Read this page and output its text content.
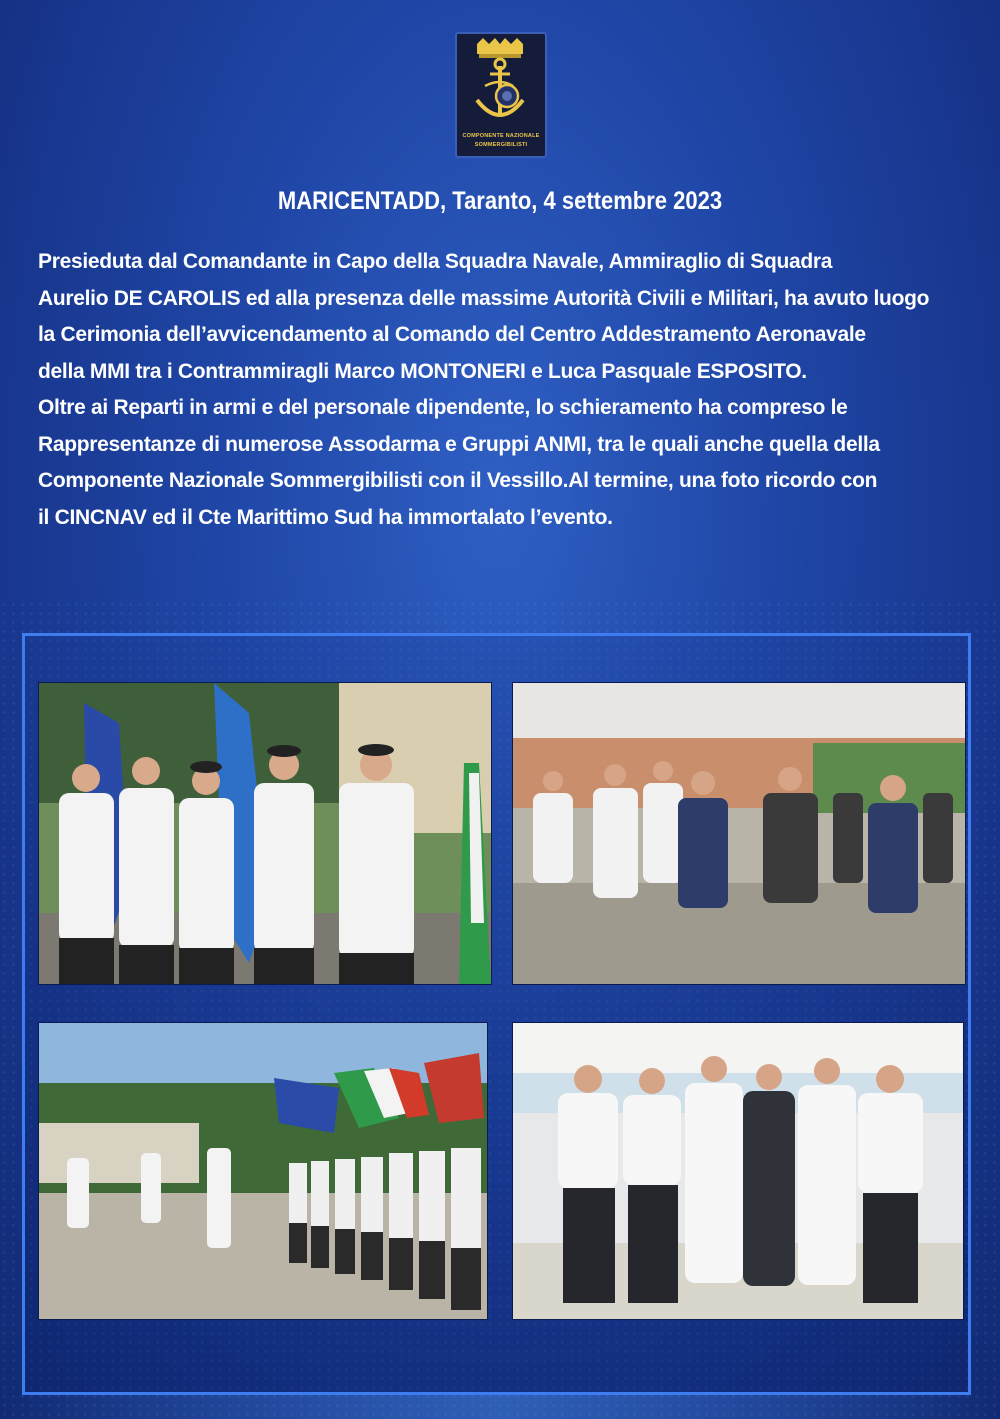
COMPONENTE NAZIONALE
SOMMERGIBILISTI
MARICENTADD, Taranto, 4 settembre 2023
Presieduta dal Comandante in Capo della Squadra Navale, Ammiraglio di Squadra
Aurelio DE CAROLIS ed alla presenza delle massime Autorità Civili e Militari, ha avuto luogo
la Cerimonia dell’avvicendamento al Comando del Centro Addestramento Aeronavale
della MMI tra i Contrammiragli Marco MONTONERI e Luca Pasquale ESPOSITO.
Oltre ai Reparti in armi e del personale dipendente, lo schieramento ha compreso le
Rappresentanze di numerose Assodarma e Gruppi ANMI, tra le quali anche quella della
Componente Nazionale Sommergibilisti con il Vessillo.Al termine, una foto ricordo con
il CINCNAV ed il Cte Marittimo Sud ha immortalato l’evento.
